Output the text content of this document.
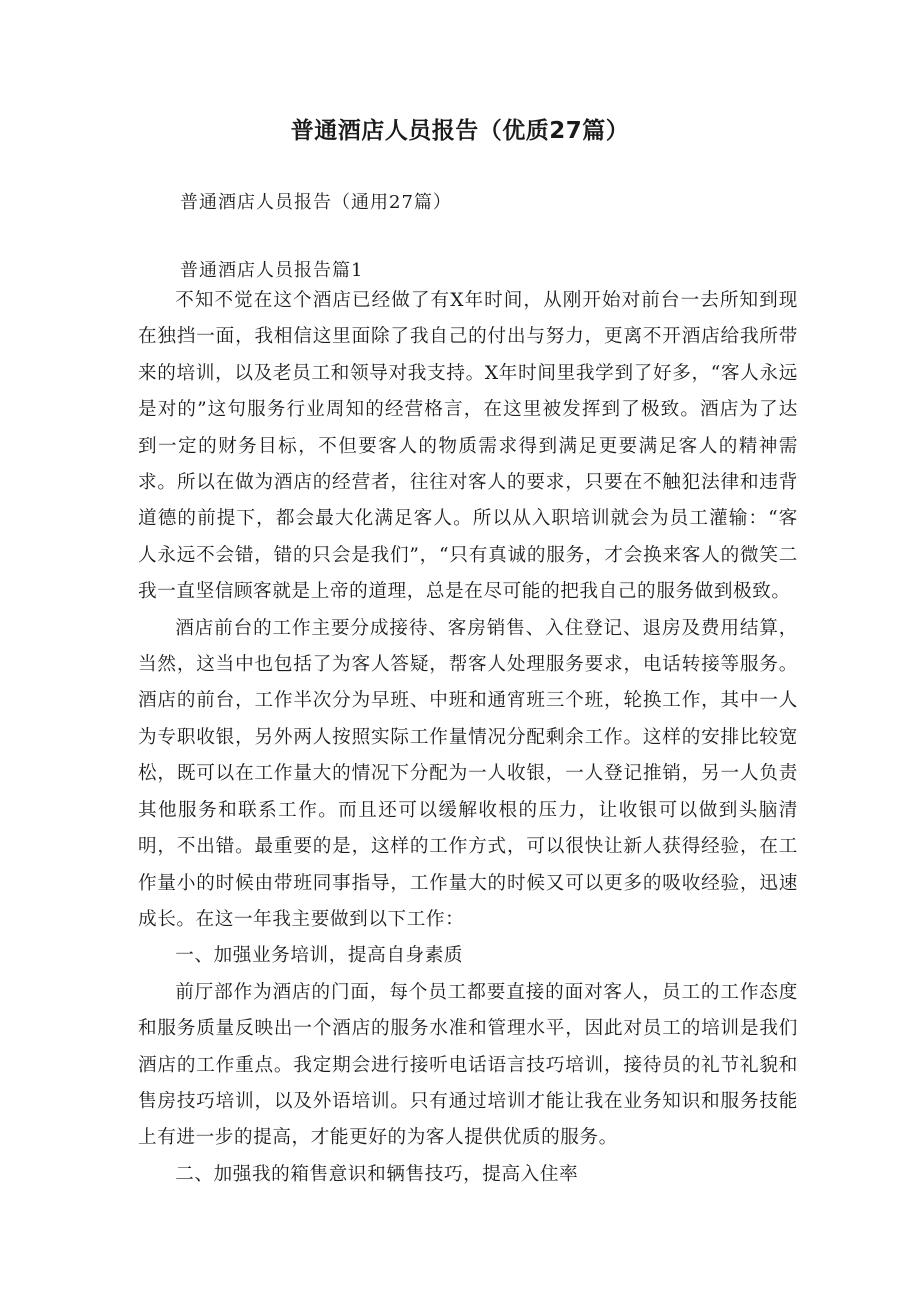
普通酒店人员报告（优质27篇）
普通酒店人员报告（通用27篇）
普通酒店人员报告篇1

不知不觉在这个酒店已经做了有X年时间，从刚开始对前台一去所知到现在独挡一面，我相信这里面除了我自己的付出与努力，更离不开酒店给我所带来的培训，以及老员工和领导对我支持。X年时间里我学到了好多，“客人永远是对的”这句服务行业周知的经营格言，在这里被发挥到了极致。酒店为了达到一定的财务目标，不但要客人的物质需求得到满足更要满足客人的精神需求。所以在做为酒店的经营者，往往对客人的要求，只要在不触犯法律和违背道德的前提下，都会最大化满足客人。所以从入职培训就会为员工灌输：“客人永远不会错，错的只会是我们”，“只有真诚的服务，才会换来客人的微笑二我一直坚信顾客就是上帝的道理，总是在尽可能的把我自己的服务做到极致。

酒店前台的工作主要分成接待、客房销售、入住登记、退房及费用结算，当然，这当中也包括了为客人答疑，帮客人处理服务要求，电话转接等服务。酒店的前台，工作半次分为早班、中班和通宵班三个班，轮换工作，其中一人为专职收银，另外两人按照实际工作量情况分配剩余工作。这样的安排比较宽松，既可以在工作量大的情况下分配为一人收银，一人登记推销，另一人负责其他服务和联系工作。而且还可以缓解收根的压力，让收银可以做到头脑清明，不出错。最重要的是，这样的工作方式，可以很快让新人获得经验，在工作量小的时候由带班同事指导，工作量大的时候又可以更多的吸收经验，迅速成长。在这一年我主要做到以下工作：

一、加强业务培训，提高自身素质

前厅部作为酒店的门面，每个员工都要直接的面对客人，员工的工作态度和服务质量反映出一个酒店的服务水准和管理水平，因此对员工的培训是我们酒店的工作重点。我定期会进行接听电话语言技巧培训，接待员的礼节礼貌和售房技巧培训，以及外语培训。只有通过培训才能让我在业务知识和服务技能上有进一步的提高，才能更好的为客人提供优质的服务。

二、加强我的箱售意识和辆售技巧，提高入住率
